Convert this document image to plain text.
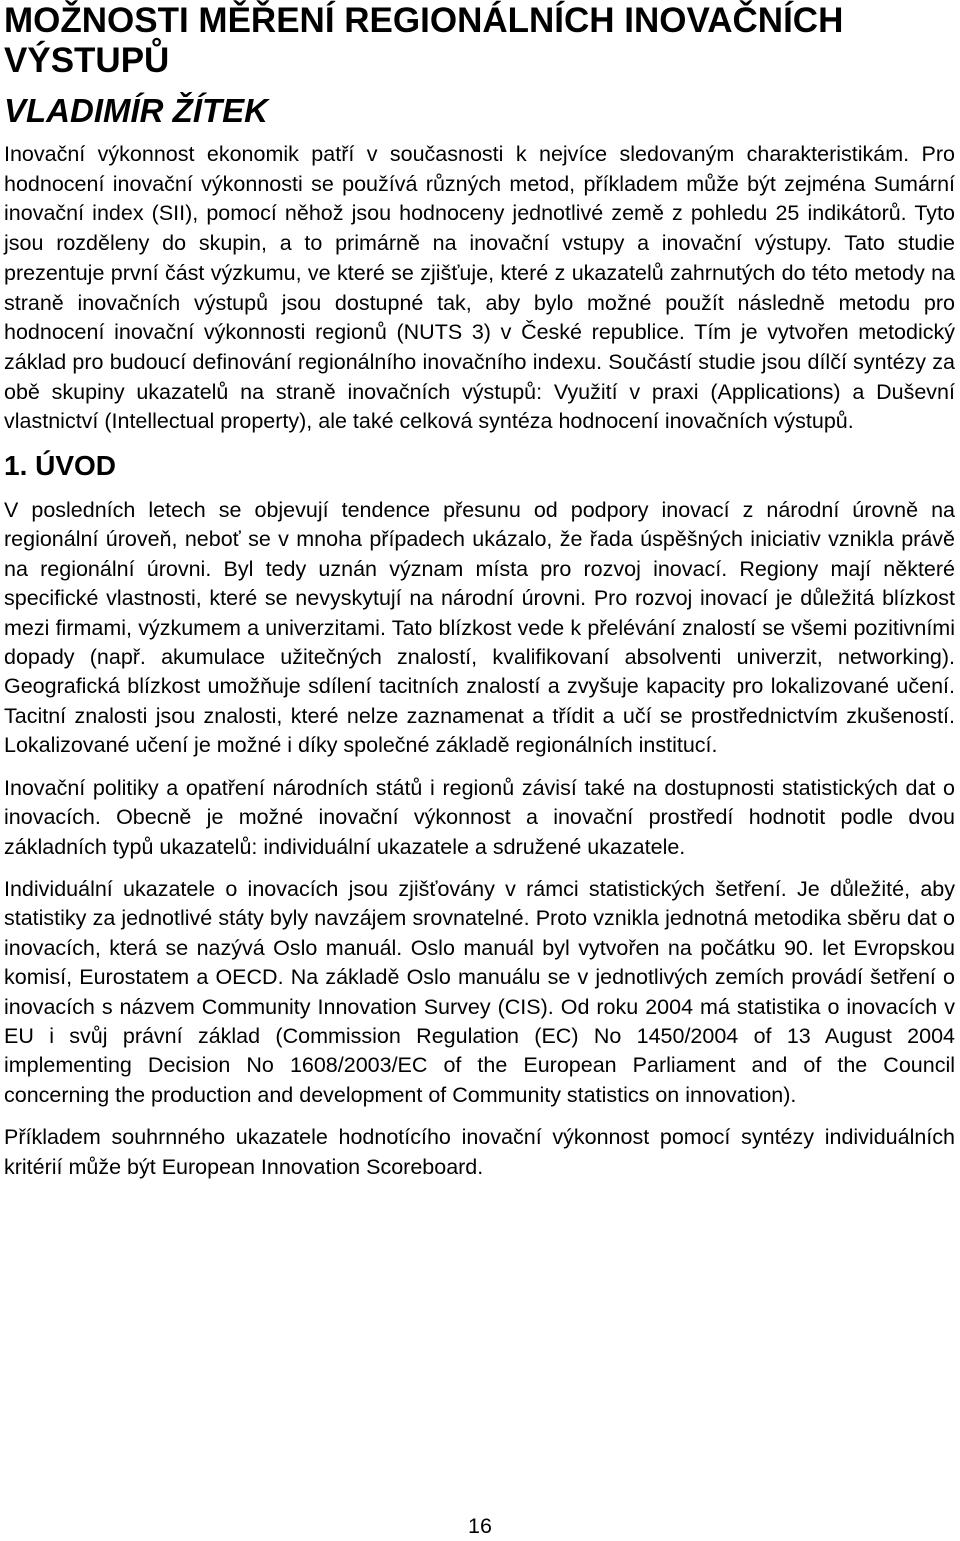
MOŽNOSTI MĚŘENÍ REGIONÁLNÍCH INOVAČNÍCH VÝSTUPŮ
VLADIMÍR ŽÍTEK

Inovační výkonnost ekonomik patří v současnosti k nejvíce sledovaným charakteristikám. Pro hodnocení inovační výkonnosti se používá různých metod, příkladem může být zejména Sumární inovační index (SII), pomocí něhož jsou hodnoceny jednotlivé země z pohledu 25 indikátorů. Tyto jsou rozděleny do skupin, a to primárně na inovační vstupy a inovační výstupy. Tato studie prezentuje první část výzkumu, ve které se zjišťuje, které z ukazatelů zahrnutých do této metody na straně inovačních výstupů jsou dostupné tak, aby bylo možné použít následně metodu pro hodnocení inovační výkonnosti regionů (NUTS 3) v České republice. Tím je vytvořen metodický základ pro budoucí definování regionálního inovačního indexu. Součástí studie jsou dílčí syntézy za obě skupiny ukazatelů na straně inovačních výstupů: Využití v praxi (Applications) a Duševní vlastnictví (Intellectual property), ale také celková syntéza hodnocení inovačních výstupů.

1. ÚVOD

V posledních letech se objevují tendence přesunu od podpory inovací z národní úrovně na regionální úroveň, neboť se v mnoha případech ukázalo, že řada úspěšných iniciativ vznikla právě na regionální úrovni. Byl tedy uznán význam místa pro rozvoj inovací. Regiony mají některé specifické vlastnosti, které se nevyskytují na národní úrovni. Pro rozvoj inovací je důležitá blízkost mezi firmami, výzkumem a univerzitami. Tato blízkost vede k přelévání znalostí se všemi pozitivními dopady (např. akumulace užitečných znalostí, kvalifikovaní absolventi univerzit, networking). Geografická blízkost umožňuje sdílení tacitních znalostí a zvyšuje kapacity pro lokalizované učení. Tacitní znalosti jsou znalosti, které nelze zaznamenat a třídit a učí se prostřednictvím zkušeností. Lokalizované učení je možné i díky společné základě regionálních institucí.

Inovační politiky a opatření národních států i regionů závisí také na dostupnosti statistických dat o inovacích. Obecně je možné inovační výkonnost a inovační prostředí hodnotit podle dvou základních typů ukazatelů: individuální ukazatele a sdružené ukazatele.

Individuální ukazatele o inovacích jsou zjišťovány v rámci statistických šetření. Je důležité, aby statistiky za jednotlivé státy byly navzájem srovnatelné. Proto vznikla jednotná metodika sběru dat o inovacích, která se nazývá Oslo manuál. Oslo manuál byl vytvořen na počátku 90. let Evropskou komisí, Eurostatem a OECD. Na základě Oslo manuálu se v jednotlivých zemích provádí šetření o inovacích s názvem Community Innovation Survey (CIS). Od roku 2004 má statistika o inovacích v EU i svůj právní základ (Commission Regulation (EC) No 1450/2004 of 13 August 2004 implementing Decision No 1608/2003/EC of the European Parliament and of the Council concerning the production and development of Community statistics on innovation).

Příkladem souhrnného ukazatele hodnotícího inovační výkonnost pomocí syntézy individuálních kritérií může být European Innovation Scoreboard.

16
